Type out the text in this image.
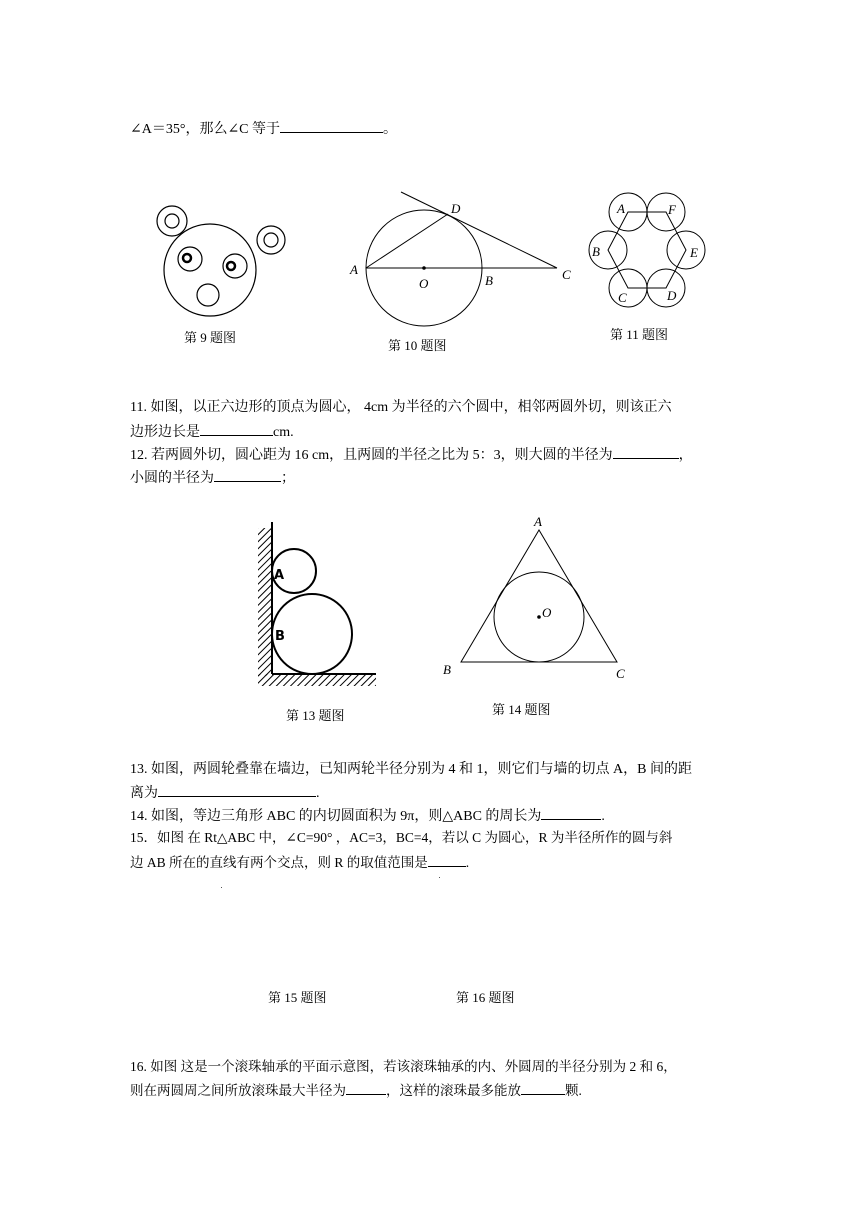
∠A＝35°，那么∠C 等于	。
第 9 题图
A
B	C
D
O
第 10 题图
A	F
B	E
C	D
第 11 题图
11. 如图，以正六边形的顶点为圆心， 4cm 为半径的六个圆中，相邻两圆外切，则该正六
边形边长是	cm.
12. 若两圆外切，圆心距为 16 cm，且两圆的半径之比为 5：3，则大圆的半径为	，
小圆的半径为	；
A
B
第 13 题图
A
B	C
O
第 14 题图
13. 如图，两圆轮叠靠在墙边，已知两轮半径分别为 4 和 1，则它们与墙的切点 A，B 间的距
离为	.
14. 如图，等边三角形 ABC 的内切圆面积为 9π，则△ABC 的周长为	.
15．如图 在 Rt△ABC 中，∠C=90° ，AC=3，BC=4，若以 C 为圆心，R 为半径所作的圆与斜
边 AB 所在的直线有两个交点，则 R 的取值范围是	.
第 15 题图	第 16 题图
16. 如图 这是一个滚珠轴承的平面示意图，若该滚珠轴承的内、外圆周的半径分别为 2 和 6，
则在两圆周之间所放滚珠最大半径为	，这样的滚珠最多能放	颗.
